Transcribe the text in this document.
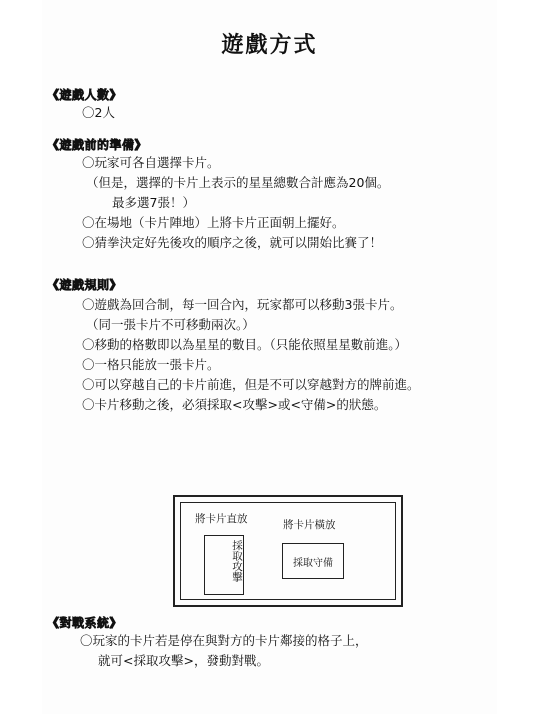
遊戲方式
《遊戲人數》
〇2人
《遊戲前的準備》
〇玩家可各自選擇卡片。
（但是，選擇的卡片上表示的星星總數合計應為20個。
最多選7張！）
〇在場地（卡片陣地）上將卡片正面朝上擺好。
〇猜拳決定好先後攻的順序之後，就可以開始比賽了！
《遊戲規則》
〇遊戲為回合制，每一回合內，玩家都可以移動3張卡片。
（同一張卡片不可移動兩次。）
〇移動的格數即以為星星的數目。（只能依照星星數前進。）
〇一格只能放一張卡片。
〇可以穿越自己的卡片前進，但是不可以穿越對方的牌前進。
〇卡片移動之後，必須採取<攻擊>或<守備>的狀態。
將卡片直放
採取攻擊
將卡片橫放
採取守備
《對戰系統》
〇玩家的卡片若是停在與對方的卡片鄰接的格子上，
就可<採取攻擊>，發動對戰。
